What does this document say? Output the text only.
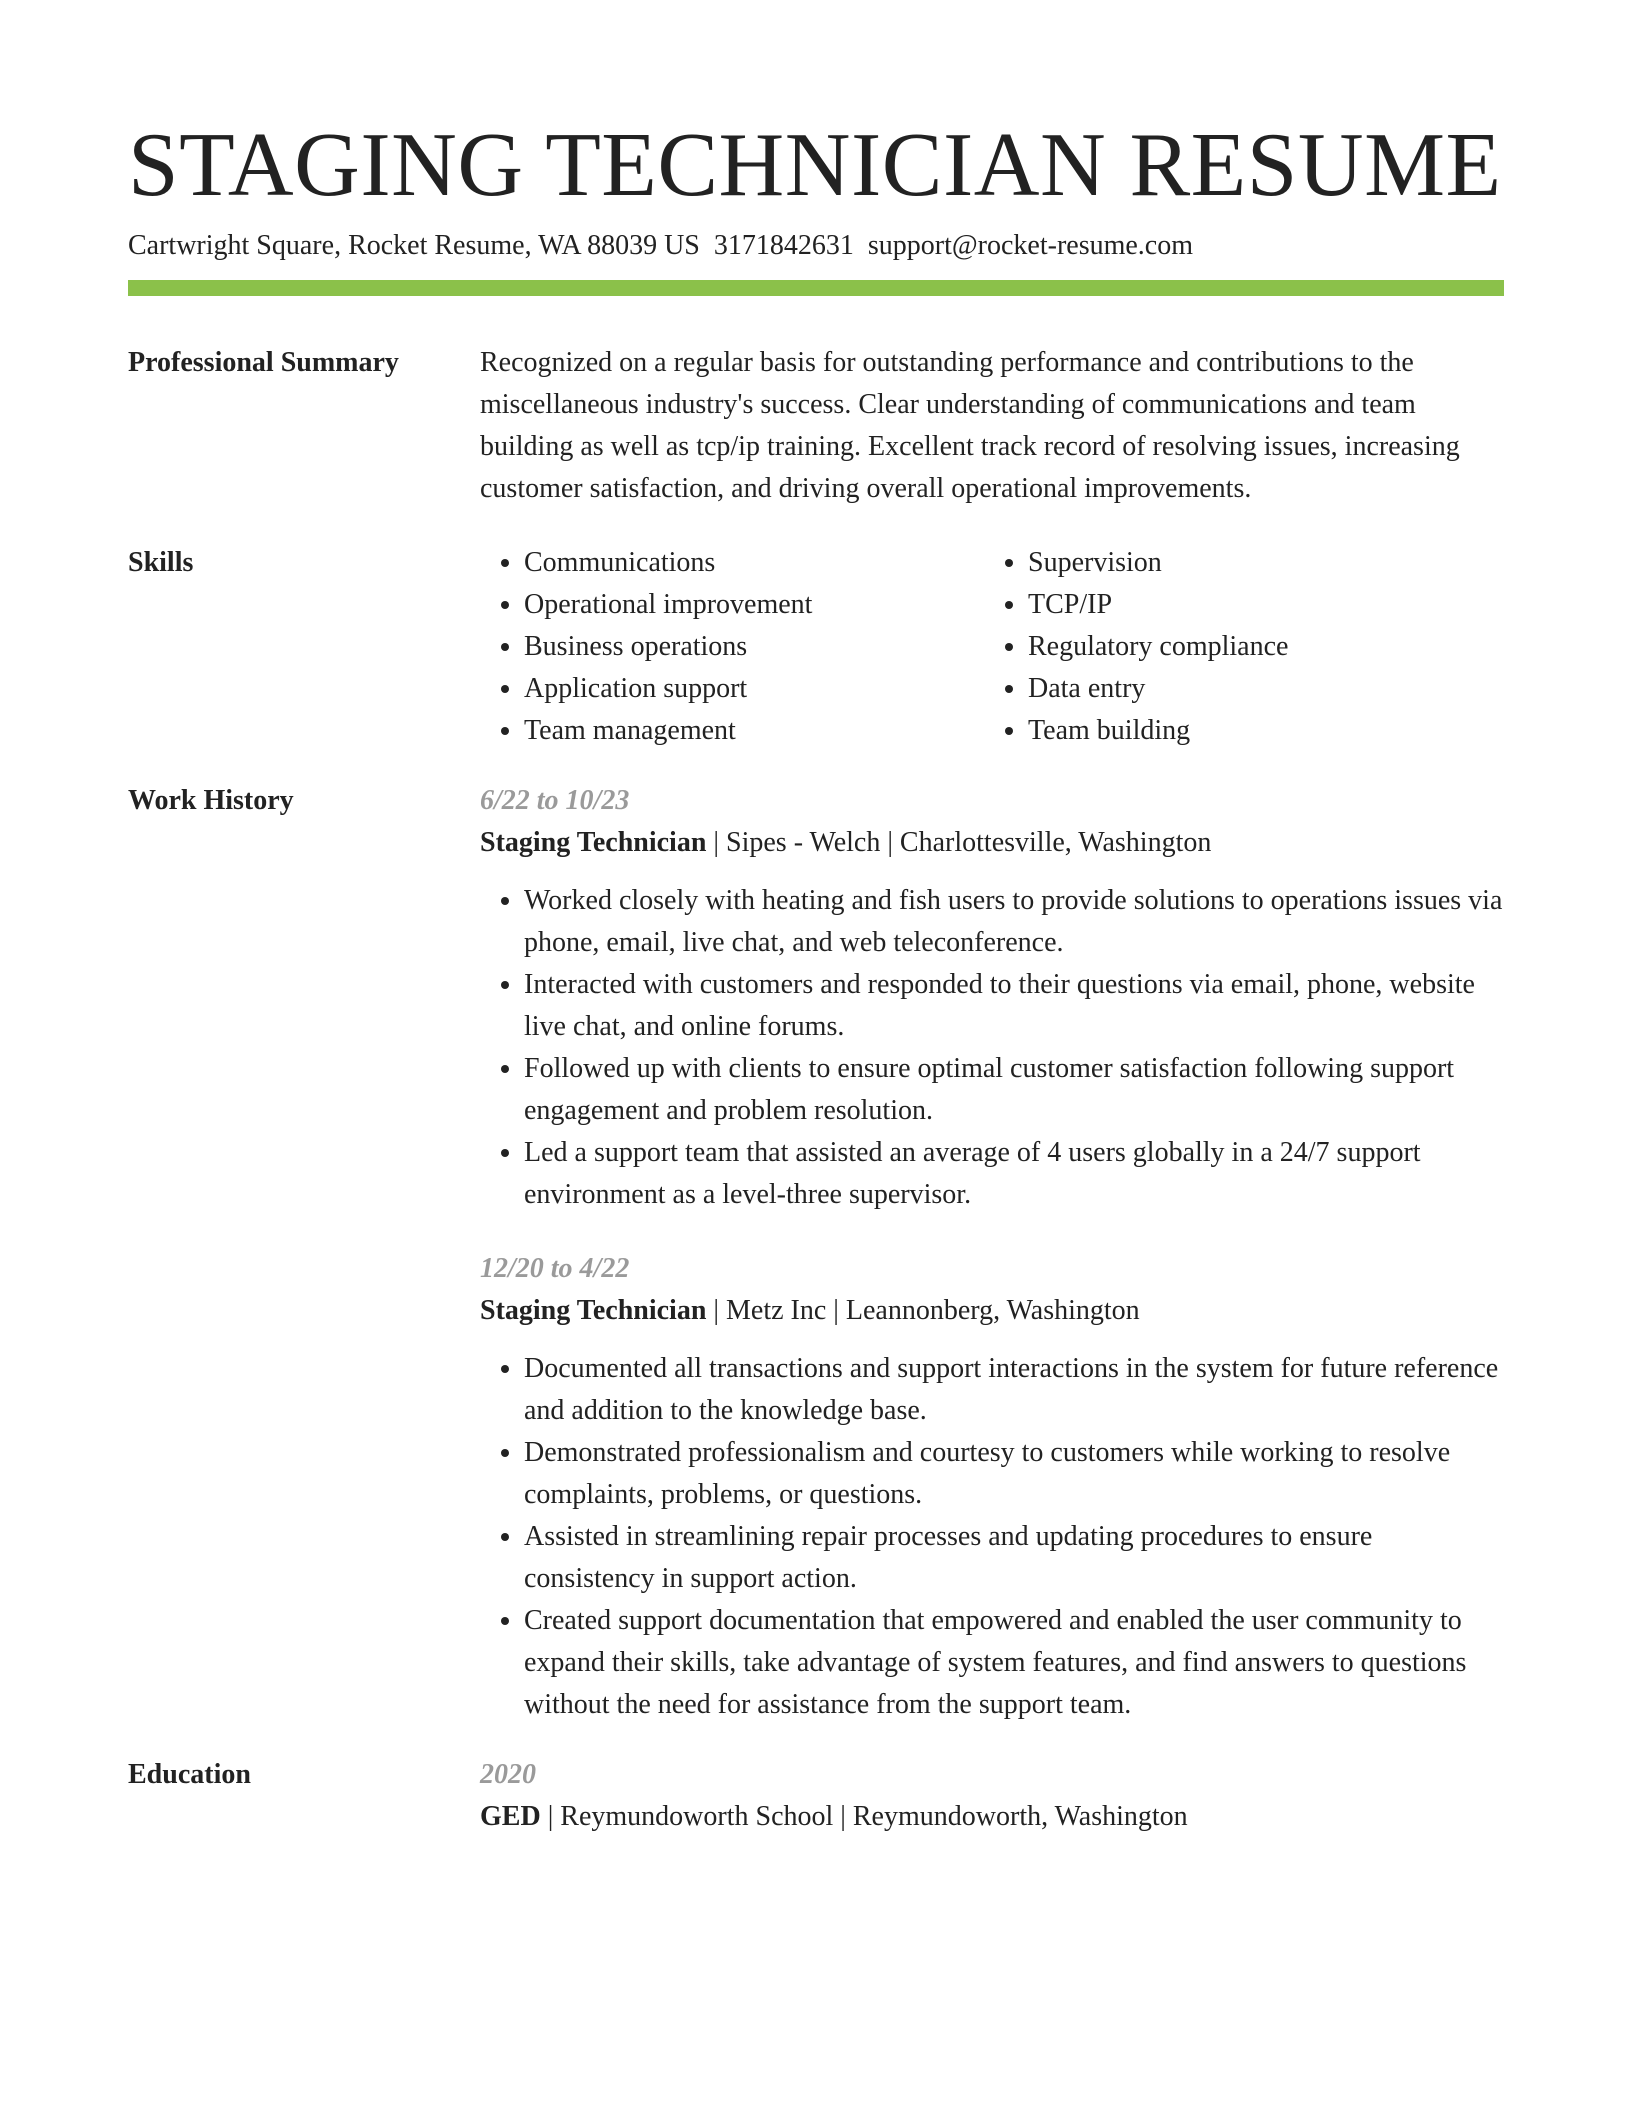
STAGING TECHNICIAN RESUME
Cartwright Square, Rocket Resume, WA 88039 US 3171842631 support@rocket-resume.com
Professional Summary	Recognized on a regular basis for outstanding performance and contributions to the miscellaneous industry's success. Clear understanding of communications and team building as well as tcp/ip training. Excellent track record of resolving issues, increasing customer satisfaction, and driving overall operational improvements.

Skills
•	Communications
• Operational improvement
• Business operations
• Application support
• Team management
• Supervision
• TCP/IP
• Regulatory compliance
• Data entry
• Team building
Work History	6/22 to 10/23
Staging Technician | Sipes - Welch | Charlottesville, Washington
• Worked closely with heating and fish users to provide solutions to operations issues via phone, email, live chat, and web teleconference.
• Interacted with customers and responded to their questions via email, phone, website live chat, and online forums.
• Followed up with clients to ensure optimal customer satisfaction following support engagement and problem resolution.
• Led a support team that assisted an average of 4 users globally in a 24/7 support environment as a level-three supervisor.
12/20 to 4/22
Staging Technician | Metz Inc | Leannonberg, Washington
• Documented all transactions and support interactions in the system for future reference and addition to the knowledge base.
• Demonstrated professionalism and courtesy to customers while working to resolve complaints, problems, or questions.
• Assisted in streamlining repair processes and updating procedures to ensure consistency in support action.
• Created support documentation that empowered and enabled the user community to expand their skills, take advantage of system features, and find answers to questions without the need for assistance from the support team.
Education	2020
GED | Reymundoworth School | Reymundoworth, Washington
